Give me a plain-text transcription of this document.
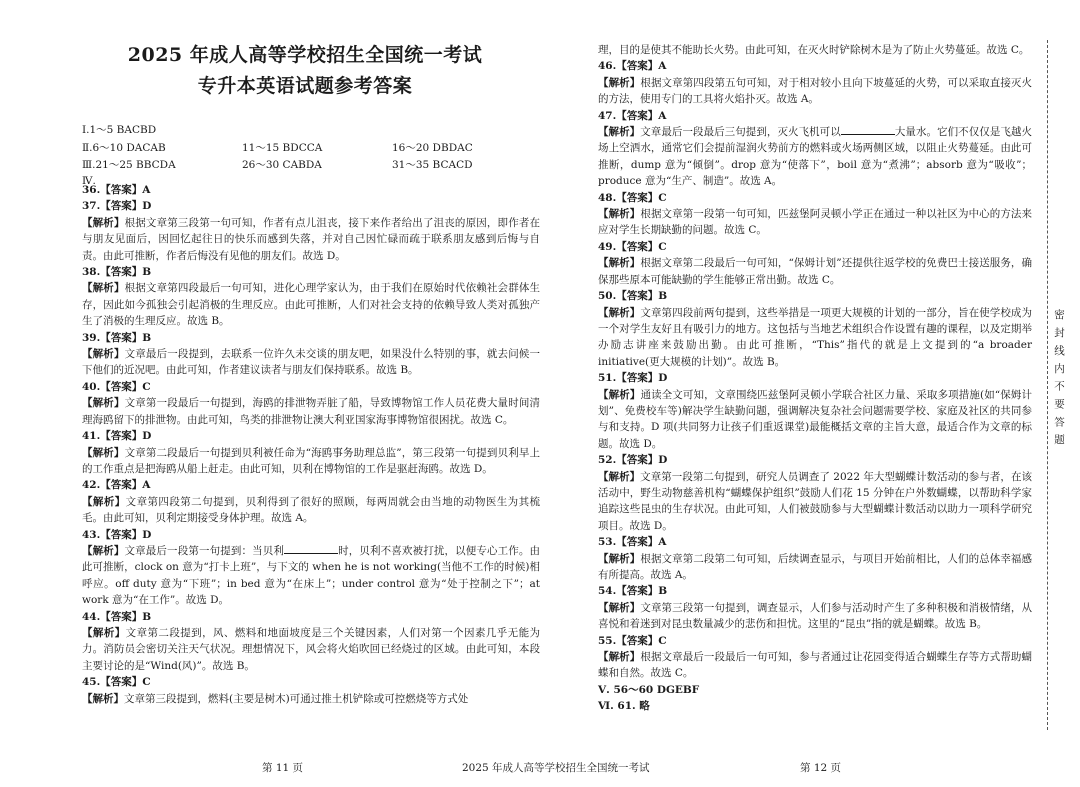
2025 年成人高等学校招生全国统一考试
专升本英语试题参考答案
Ⅰ.1～5 BACBD
Ⅱ.6～10 DACAB	11～15 BDCCA	16～20 DBDAC
Ⅲ.21～25 BBCDA	26～30 CABDA	31～35 BCACD
Ⅳ.

36.【答案】A

37.【答案】D

【解析】根据文章第三段第一句可知，作者有点儿沮丧，接下来作者给出了沮丧的原因，即作者在与朋友见面后，因回忆起往日的快乐而感到失落，并对自己因忙碌而疏于联系朋友感到后悔与自责。由此可推断，作者后悔没有见他的朋友们。故选 D。

38.【答案】B

【解析】根据文章第四段最后一句可知，进化心理学家认为，由于我们在原始时代依赖社会群体生存，因此如今孤独会引起消极的生理反应。由此可推断，人们对社会支持的依赖导致人类对孤独产生了消极的生理反应。故选 B。

39.【答案】B

【解析】文章最后一段提到，去联系一位许久未交谈的朋友吧，如果没什么特别的事，就去问候一下他们的近况吧。由此可知，作者建议读者与朋友们保持联系。故选 B。

40.【答案】C

【解析】文章第一段最后一句提到，海鸥的排泄物弄脏了船，导致博物馆工作人员花费大量时间清理海鸥留下的排泄物。由此可知，鸟类的排泄物让澳大利亚国家海事博物馆很困扰。故选 C。

41.【答案】D

【解析】文章第二段最后一句提到贝利被任命为“海鸥事务助理总监”，第三段第一句提到贝利早上的工作重点是把海鸥从船上赶走。由此可知，贝利在博物馆的工作是驱赶海鸥。故选 D。

42.【答案】A

【解析】文章第四段第二句提到，贝利得到了很好的照顾，每两周就会由当地的动物医生为其梳毛。由此可知，贝利定期接受身体护理。故选 A。

43.【答案】D

【解析】文章最后一段第一句提到：当贝利	时，贝利不喜欢被打扰，以便专心工作。由此可推断，clock on 意为“打卡上班”，与下文的 when he is not working(当他不工作的时候)相呼应。off duty 意为“下班”；in bed 意为“在床上”；under control 意为“处于控制之下”；at work 意为“在工作”。故选 D。

44.【答案】B

【解析】文章第二段提到，风、燃料和地面坡度是三个关键因素，人们对第一个因素几乎无能为力。消防员会密切关注天气状况。理想情况下，风会将火焰吹回已经烧过的区域。由此可知，本段主要讨论的是“Wind(风)”。故选 B。

45.【答案】C

【解析】文章第三段提到，燃料(主要是树木)可通过推土机铲除或可控燃烧等方式处

理，目的是使其不能助长火势。由此可知，在灭火时铲除树木是为了防止火势蔓延。故选 C。

46.【答案】A

【解析】根据文章第四段第五句可知，对于相对较小且向下坡蔓延的火势，可以采取直接灭火的方法，使用专门的工具将火焰扑灭。故选 A。

47.【答案】A

【解析】文章最后一段最后三句提到，灭火飞机可以	大量水。它们不仅仅是飞越火场上空洒水，通常它们会提前湿润火势前方的燃料或火场两侧区域，以阻止火势蔓延。由此可推断，dump 意为“倾倒”。drop 意为“使落下”，boil 意为“煮沸”；absorb 意为“吸收”；produce 意为“生产、制造”。故选 A。

48.【答案】C

【解析】根据文章第一段第一句可知，匹兹堡阿灵顿小学正在通过一种以社区为中心的方法来应对学生长期缺勤的问题。故选 C。

49.【答案】C

【解析】根据文章第二段最后一句可知，“保姆计划”还提供往返学校的免费巴士接送服务，确保那些原本可能缺勤的学生能够正常出勤。故选 C。

50.【答案】B

【解析】文章第四段前两句提到，这些举措是一项更大规模的计划的一部分，旨在使学校成为一个对学生友好且有吸引力的地方。这包括与当地艺术组织合作设置有趣的课程，以及定期举办励志讲座来鼓励出勤。由此可推断，“This”指代的就是上文提到的“a broader initiative(更大规模的计划)”。故选 B。

51.【答案】D

【解析】通读全文可知，文章围绕匹兹堡阿灵顿小学联合社区力量、采取多项措施(如“保姆计划”、免费校车等)解决学生缺勤问题，强调解决复杂社会问题需要学校、家庭及社区的共同参与和支持。D 项(共同努力让孩子们重返课堂)最能概括文章的主旨大意，最适合作为文章的标题。故选 D。

52.【答案】D

【解析】文章第一段第二句提到，研究人员调查了 2022 年大型蝴蝶计数活动的参与者，在该活动中，野生动物慈善机构“蝴蝶保护组织”鼓励人们花 15 分钟在户外数蝴蝶，以帮助科学家追踪这些昆虫的生存状况。由此可知，人们被鼓励参与大型蝴蝶计数活动以助力一项科学研究项目。故选 D。

53.【答案】A

【解析】根据文章第二段第二句可知，后续调查显示，与项目开始前相比，人们的总体幸福感有所提高。故选 A。

54.【答案】B

【解析】文章第三段第一句提到，调查显示，人们参与活动时产生了多种积极和消极情绪，从喜悦和着迷到对昆虫数量减少的悲伤和担忧。这里的“昆虫”指的就是蝴蝶。故选 B。

55.【答案】C

【解析】根据文章最后一段最后一句可知，参与者通过让花园变得适合蝴蝶生存等方式帮助蝴蝶和自然。故选 C。

Ⅴ. 56～60 DGEBF

Ⅵ. 61. 略

第 11 页	2025 年成人高等学校招生全国统一考试	第 12 页
密 封 线 内 不 要 答 题
